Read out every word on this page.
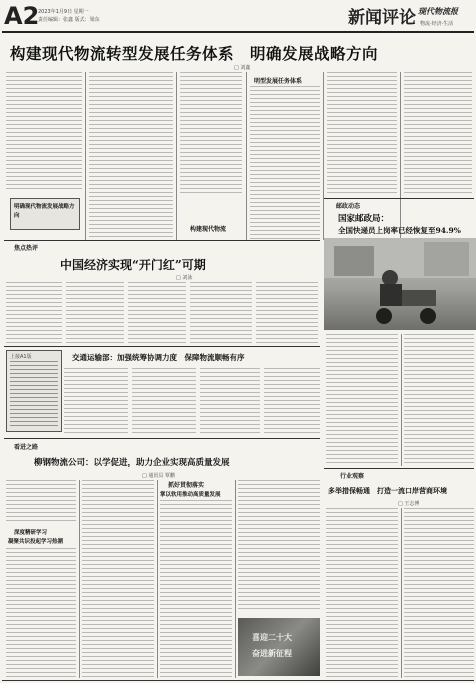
A2
2023年1月9日 星期一
责任编辑：张鑫 版式：梁东	新闻评论 现代物流报
物流·经济·生活
构建现代物流转型发展任务体系　明确发展战略方向
□ 刘鑫
明确现代物流发展战略方向
构建现代物流
明型发展任务体系
邮政动态
国家邮政局：
全国快递员上岗率已经恢复至94.9%
焦点热评
中国经济实现“开门红”可期
□ 刘泳
上接A1版	交通运输部：加强统筹协调力度　保障物流顺畅有序
行业观察
多举措保畅通　打造一流口岸营商环境
□ 王志博
看进之路
柳钢物流公司：以学促进，助力企业实现高质量发展
□ 通讯员 覃鹏
深度精研学习
凝聚共识投起学习热潮
抓好贯彻落实
掌以软用推动高质量发展
喜迎二十大
奋进新征程
